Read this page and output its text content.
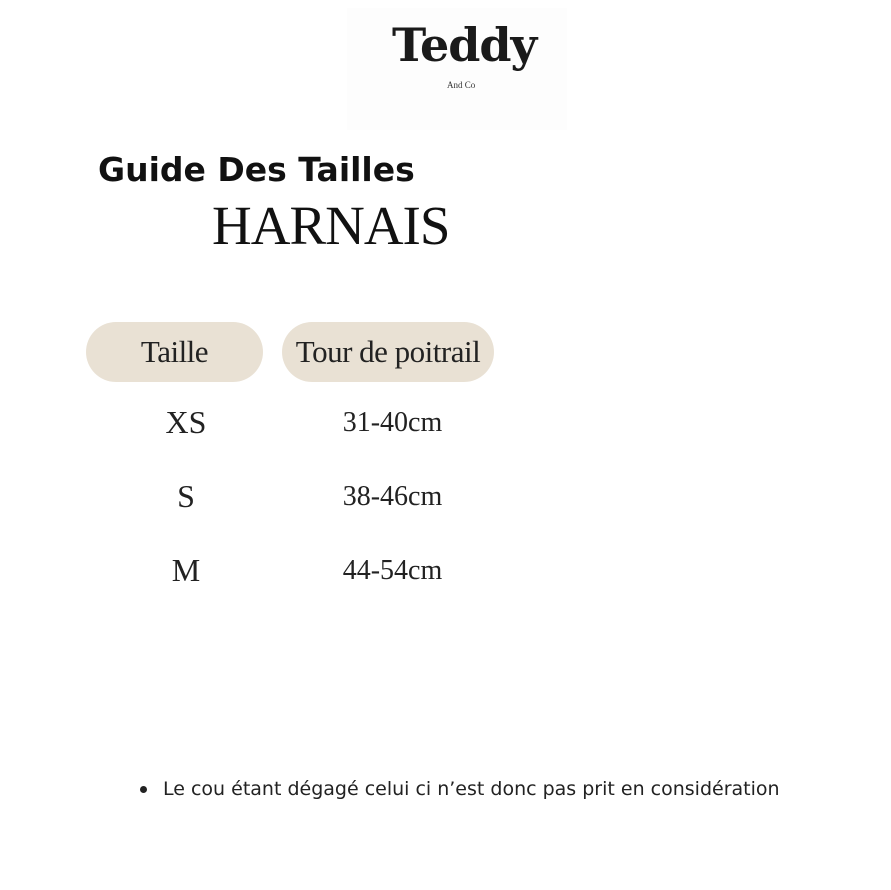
Teddy
And Co
Guide Des Tailles
HARNAIS
Taille	Tour de poitrail
XS	31-40cm
S	38-46cm
M	44-54cm
Le cou étant dégagé celui ci n’est donc pas prit en considération
